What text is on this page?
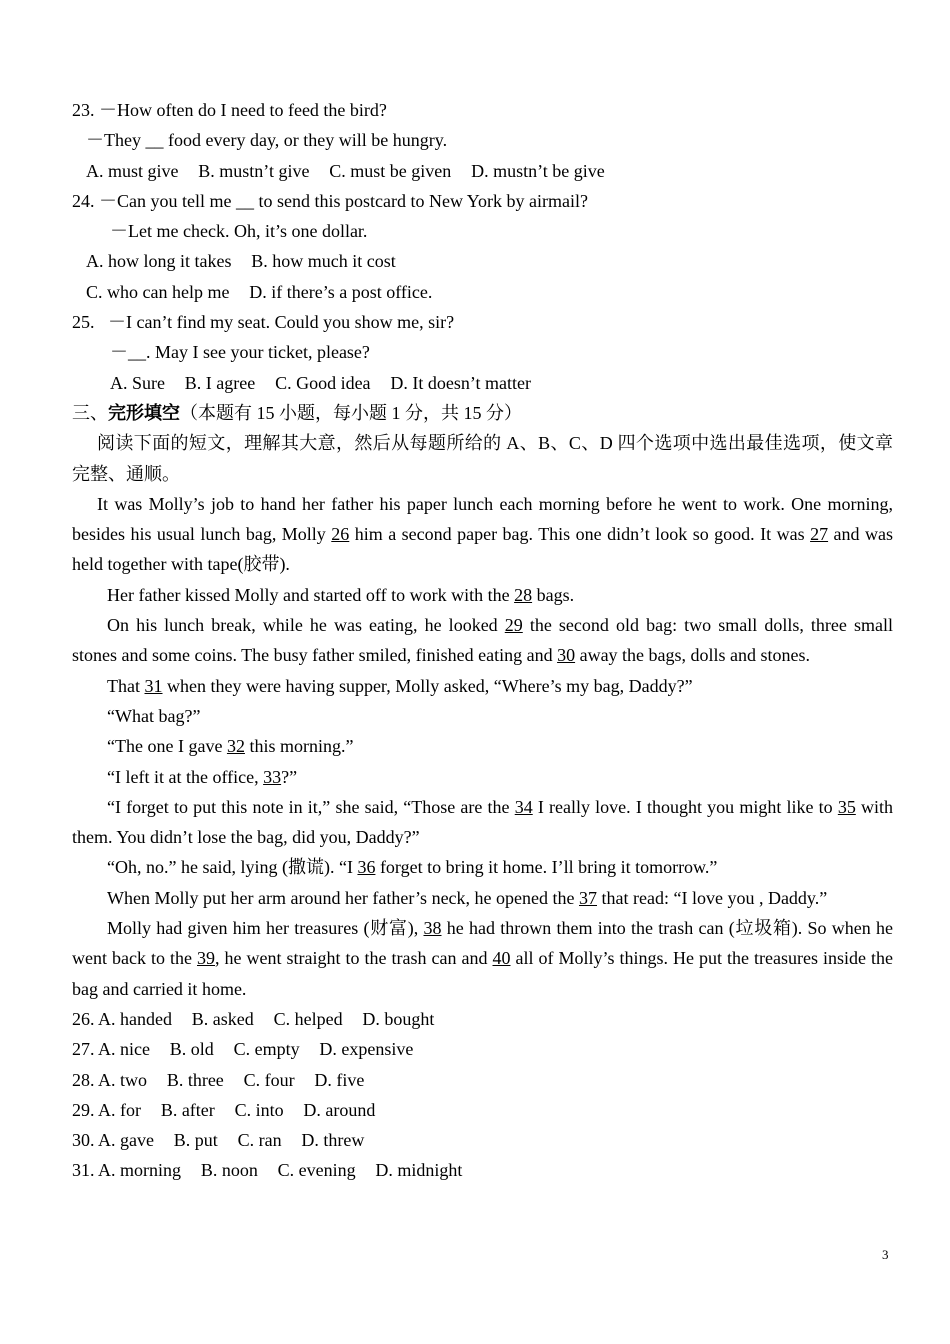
23. －How often do I need to feed the bird?
－They __ food every day, or they will be hungry.
A. must give B. mustn’t give C. must be given D. mustn’t be give
24. －Can you tell me __ to send this postcard to New York by airmail?
－Let me check. Oh, it’s one dollar.
A. how long it takes B. how much it cost
C. who can help me D. if there’s a post office.
25.   －I can’t find my seat. Could you show me, sir?
－__. May I see your ticket, please?
A. Sure B. I agree C. Good idea D. It doesn’t matter
三、完形填空（本题有 15 小题，每小题 1 分，共 15 分）
阅读下面的短文，理解其大意，然后从每题所给的 A、B、C、D 四个选项中选出最佳选项，使文章完整、通顺。
It was Molly’s job to hand her father his paper lunch each morning before he went to work. One morning, besides his usual lunch bag, Molly 26 him a second paper bag. This one didn’t look so good. It was 27 and was held together with tape(胶带).
Her father kissed Molly and started off to work with the 28 bags.
On his lunch break, while he was eating, he looked 29 the second old bag: two small dolls, three small stones and some coins. The busy father smiled, finished eating and 30 away the bags, dolls and stones.
That 31 when they were having supper, Molly asked, “Where’s my bag, Daddy?”
“What bag?”
“The one I gave 32 this morning.”
“I left it at the office, 33?”
“I forget to put this note in it,” she said, “Those are the 34 I really love. I thought you might like to 35 with them. You didn’t lose the bag, did you, Daddy?”
“Oh, no.” he said, lying (撒谎). “I 36 forget to bring it home. I’ll bring it tomorrow.”
When Molly put her arm around her father’s neck, he opened the 37 that read: “I love you , Daddy.”
Molly had given him her treasures (财富), 38 he had thrown them into the trash can (垃圾箱). So when he went back to the 39, he went straight to the trash can and 40 all of Molly’s things. He put the treasures inside the bag and carried it home.
26. A. handed B. asked C. helped D. bought
27. A. nice B. old C. empty D. expensive
28. A. two B. three C. four D. five
29. A. for B. after C. into D. around
30. A. gave B. put C. ran D. threw
31. A. morning B. noon C. evening D. midnight
3
